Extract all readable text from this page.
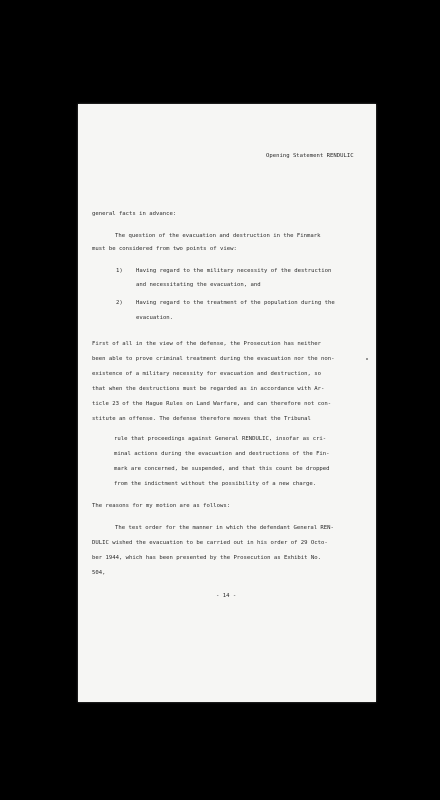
Opening Statement RENDULIC
general facts in advance:
The question of the evacuation and destruction in the Finmark
must be considered from two points of view:
1) Having regard to the military necessity of the destruction
and necessitating the evacuation, and
2) Having regard to the treatment of the population during the
evacuation.
First of all in the view of the defense, the Prosecution has neither
been able to prove criminal treatment during the evacuation nor the non-
existence of a military necessity for evacuation and destruction, so
that when the destructions must be regarded as in accordance with Ar-
ticle 23 of the Hague Rules on Land Warfare, and can therefore not con-
stitute an offense. The defense therefore moves that the Tribunal
rule that proceedings against General RENDULIC, insofar as cri-
minal actions during the evacuation and destructions of the Fin-
mark are concerned, be suspended, and that this count be dropped
from the indictment without the possibility of a new charge.
The reasons for my motion are as follows:
The test order for the manner in which the defendant General REN-
DULIC wished the evacuation to be carried out in his order of 29 Octo-
ber 1944, which has been presented by the Prosecution as Exhibit No.
504,
- 14 -
